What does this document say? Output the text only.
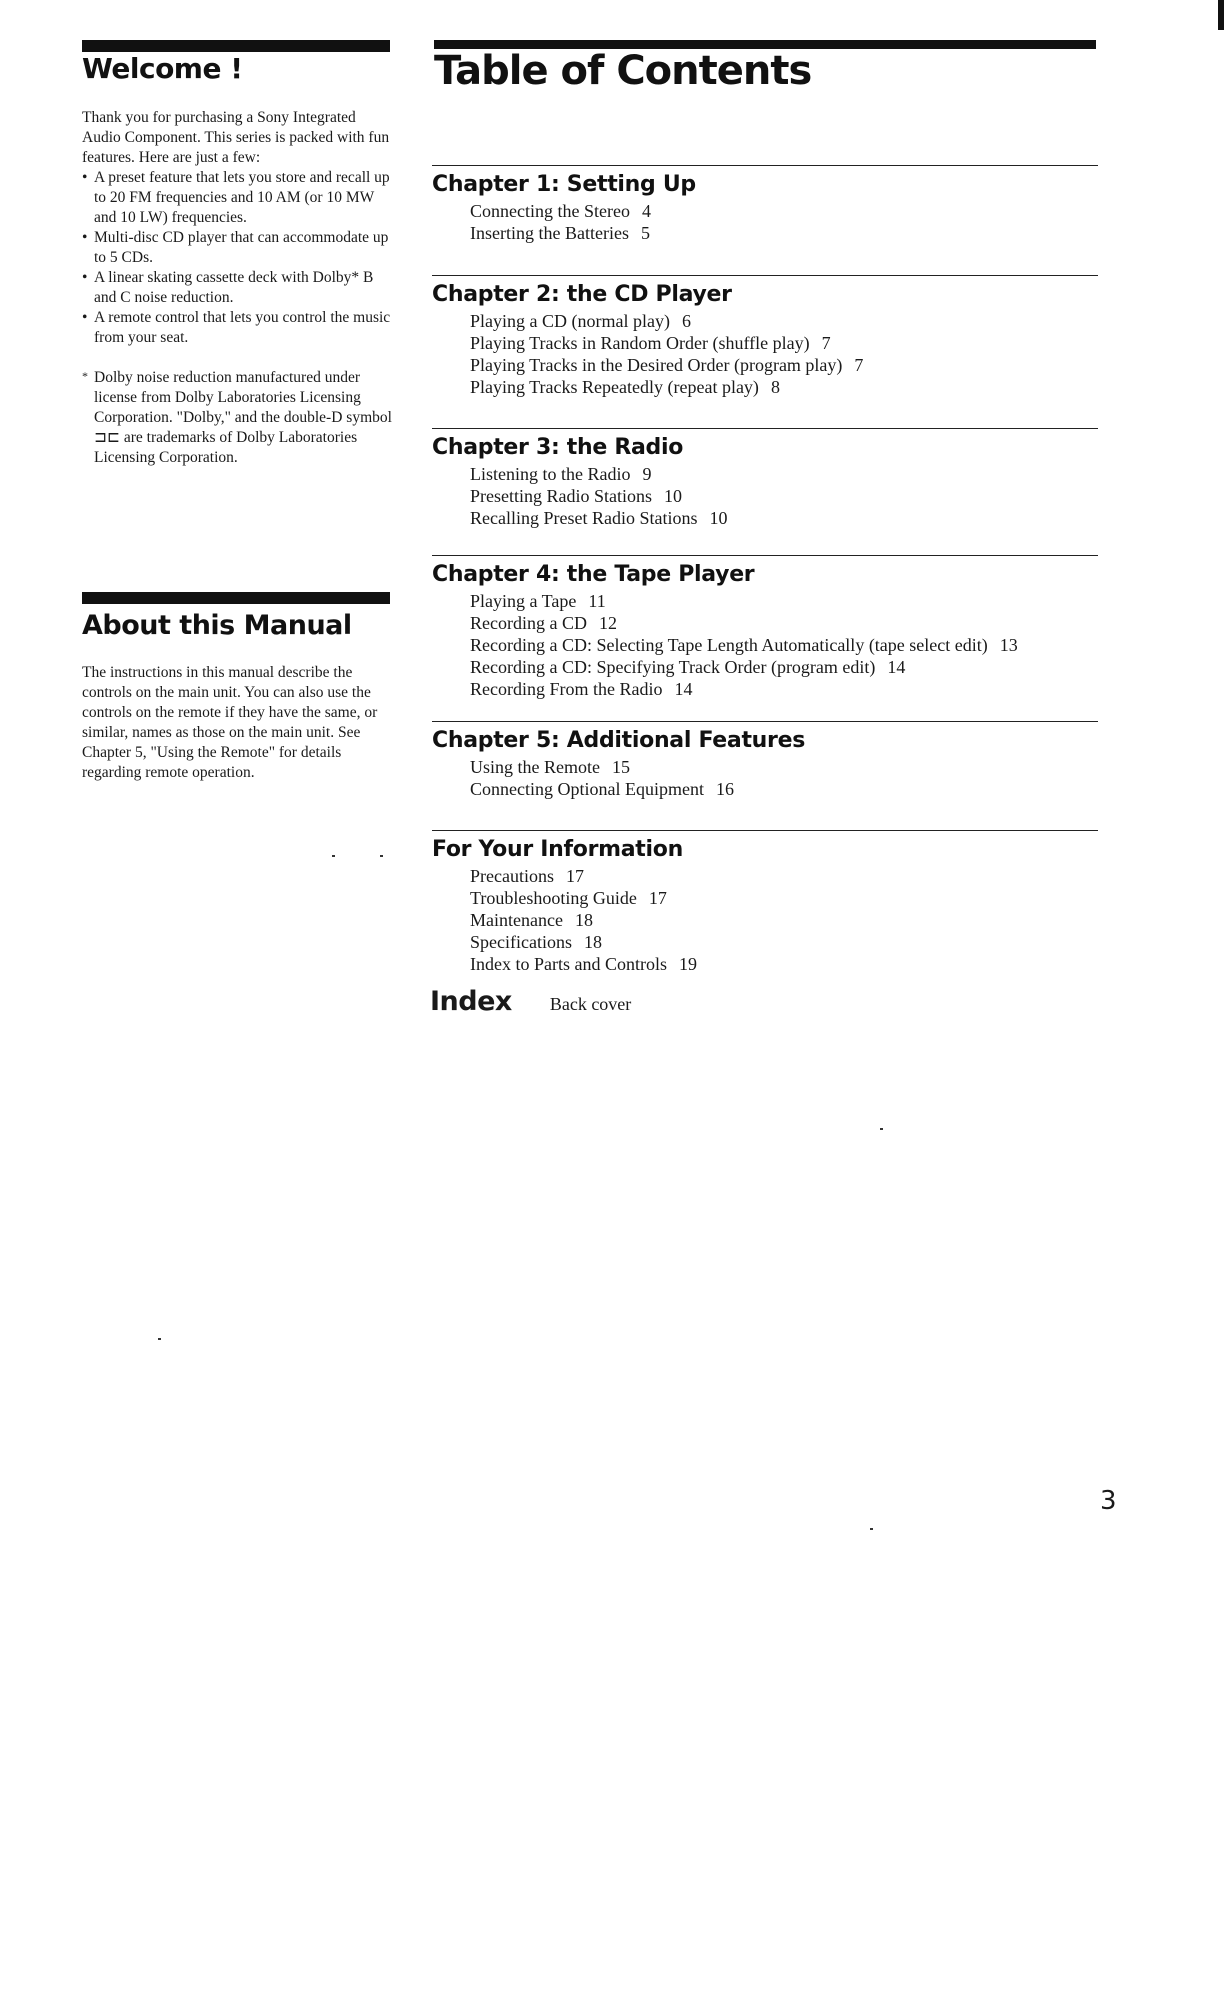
Welcome !

Thank you for purchasing a Sony Integrated Audio Component. This series is packed with fun features. Here are just a few:

• A preset feature that lets you store and recall up to 20 FM frequencies and 10 AM (or 10 MW and 10 LW) frequencies.
• Multi-disc CD player that can accommodate up to 5 CDs.
• A linear skating cassette deck with Dolby* B and C noise reduction.
• A remote control that lets you control the music from your seat.
* Dolby noise reduction manufactured under license from Dolby Laboratories Licensing Corporation. "Dolby," and the double-D symbol ⊐⊏ are trademarks of Dolby Laboratories Licensing Corporation.
About this Manual

The instructions in this manual describe the controls on the main unit. You can also use the controls on the remote if they have the same, or similar, names as those on the main unit. See Chapter 5, "Using the Remote" for details regarding remote operation.

Table of Contents
Chapter 1: Setting Up
Connecting the Stereo 4
Inserting the Batteries 5
Chapter 2: the CD Player
Playing a CD (normal play) 6
Playing Tracks in Random Order (shuffle play) 7
Playing Tracks in the Desired Order (program play) 7
Playing Tracks Repeatedly (repeat play) 8
Chapter 3: the Radio
Listening to the Radio 9
Presetting Radio Stations 10
Recalling Preset Radio Stations 10
Chapter 4: the Tape Player
Playing a Tape 11
Recording a CD 12
Recording a CD: Selecting Tape Length Automatically (tape select edit) 13
Recording a CD: Specifying Track Order (program edit) 14
Recording From the Radio 14
Chapter 5: Additional Features
Using the Remote 15
Connecting Optional Equipment 16
For Your Information
Precautions 17
Troubleshooting Guide 17
Maintenance 18
Specifications 18
Index to Parts and Controls 19
Index Back cover
3
